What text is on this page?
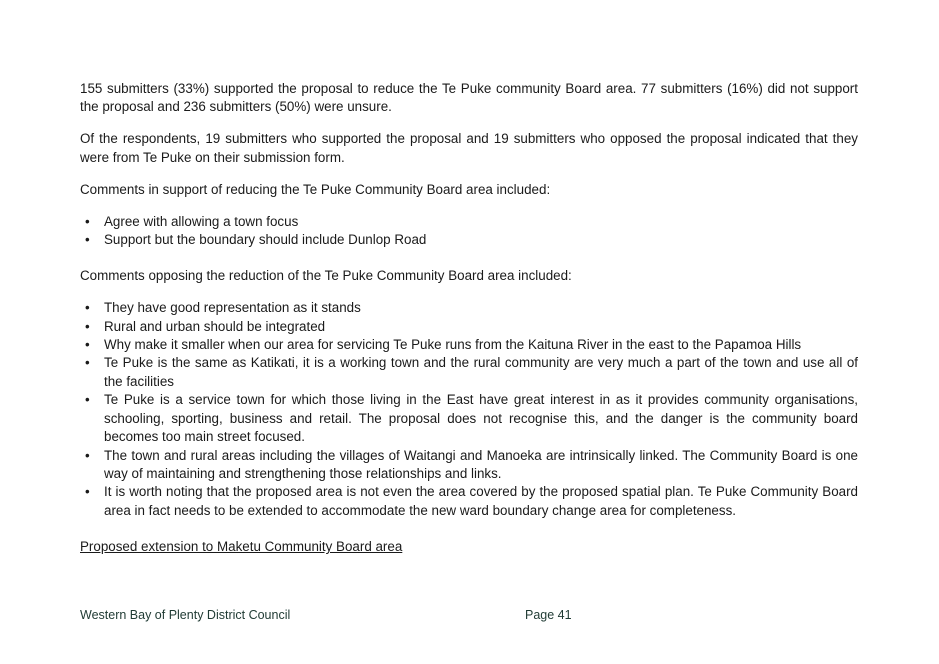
155 submitters (33%) supported the proposal to reduce the Te Puke community Board area. 77 submitters (16%) did not support the proposal and 236 submitters (50%) were unsure.

Of the respondents, 19 submitters who supported the proposal and 19 submitters who opposed the proposal indicated that they were from Te Puke on their submission form.

Comments in support of reducing the Te Puke Community Board area included:

• Agree with allowing a town focus
• Support but the boundary should include Dunlop Road

Comments opposing the reduction of the Te Puke Community Board area included:

• They have good representation as it stands
• Rural and urban should be integrated
• Why make it smaller when our area for servicing Te Puke runs from the Kaituna River in the east to the Papamoa Hills
• Te Puke is the same as Katikati, it is a working town and the rural community are very much a part of the town and use all of the facilities
• Te Puke is a service town for which those living in the East have great interest in as it provides community organisations, schooling, sporting, business and retail. The proposal does not recognise this, and the danger is the community board becomes too main street focused.
• The town and rural areas including the villages of Waitangi and Manoeka are intrinsically linked. The Community Board is one way of maintaining and strengthening those relationships and links.
• It is worth noting that the proposed area is not even the area covered by the proposed spatial plan. Te Puke Community Board area in fact needs to be extended to accommodate the new ward boundary change area for completeness.

Proposed extension to Maketu Community Board area

Western Bay of Plenty District Council	Page 41
